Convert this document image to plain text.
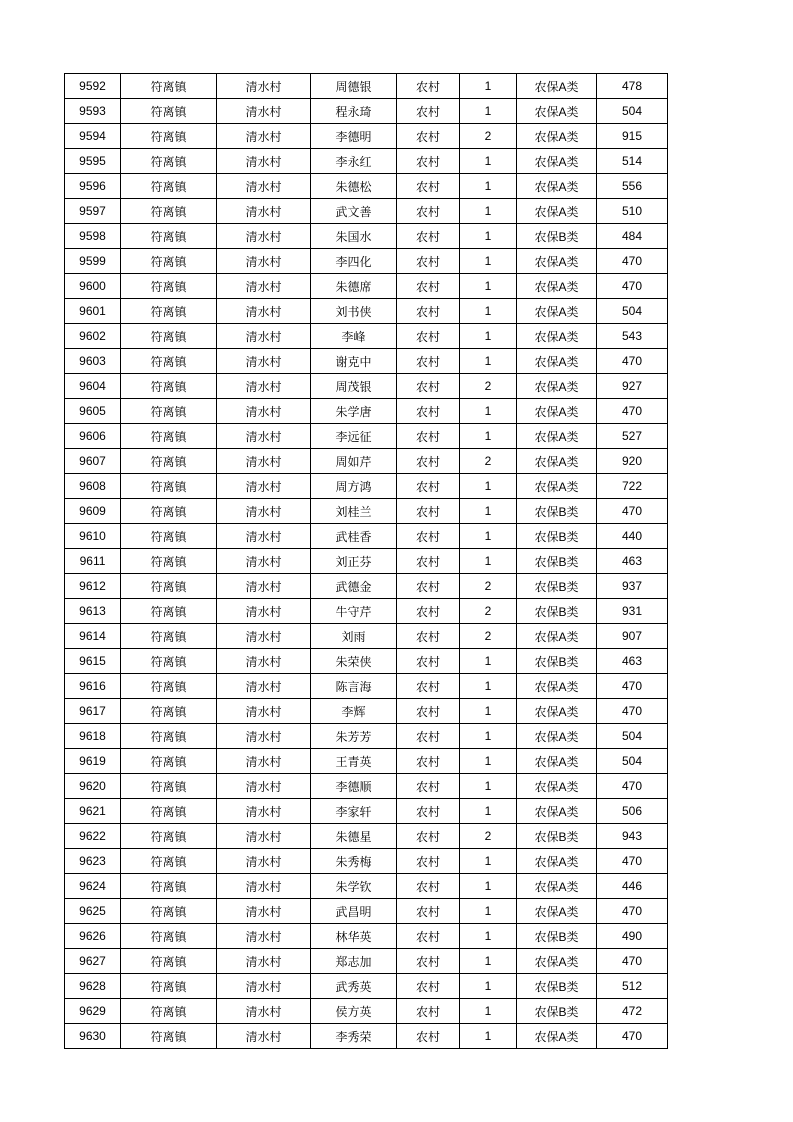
9592	符离镇	清水村	周德银	农村	1	农保A类	478
9593	符离镇	清水村	程永琦	农村	1	农保A类	504
9594	符离镇	清水村	李德明	农村	2	农保A类	915
9595	符离镇	清水村	李永红	农村	1	农保A类	514
9596	符离镇	清水村	朱德松	农村	1	农保A类	556
9597	符离镇	清水村	武文善	农村	1	农保A类	510
9598	符离镇	清水村	朱国水	农村	1	农保B类	484
9599	符离镇	清水村	李四化	农村	1	农保A类	470
9600	符离镇	清水村	朱德席	农村	1	农保A类	470
9601	符离镇	清水村	刘书侠	农村	1	农保A类	504
9602	符离镇	清水村	李峰	农村	1	农保A类	543
9603	符离镇	清水村	谢克中	农村	1	农保A类	470
9604	符离镇	清水村	周茂银	农村	2	农保A类	927
9605	符离镇	清水村	朱学唐	农村	1	农保A类	470
9606	符离镇	清水村	李远征	农村	1	农保A类	527
9607	符离镇	清水村	周如芹	农村	2	农保A类	920
9608	符离镇	清水村	周方鸿	农村	1	农保A类	722
9609	符离镇	清水村	刘桂兰	农村	1	农保B类	470
9610	符离镇	清水村	武桂香	农村	1	农保B类	440
9611	符离镇	清水村	刘正芬	农村	1	农保B类	463
9612	符离镇	清水村	武德金	农村	2	农保B类	937
9613	符离镇	清水村	牛守芹	农村	2	农保B类	931
9614	符离镇	清水村	刘雨	农村	2	农保A类	907
9615	符离镇	清水村	朱荣侠	农村	1	农保B类	463
9616	符离镇	清水村	陈言海	农村	1	农保A类	470
9617	符离镇	清水村	李辉	农村	1	农保A类	470
9618	符离镇	清水村	朱芳芳	农村	1	农保A类	504
9619	符离镇	清水村	王青英	农村	1	农保A类	504
9620	符离镇	清水村	李德顺	农村	1	农保A类	470
9621	符离镇	清水村	李家轩	农村	1	农保A类	506
9622	符离镇	清水村	朱德星	农村	2	农保B类	943
9623	符离镇	清水村	朱秀梅	农村	1	农保A类	470
9624	符离镇	清水村	朱学钦	农村	1	农保A类	446
9625	符离镇	清水村	武昌明	农村	1	农保A类	470
9626	符离镇	清水村	林华英	农村	1	农保B类	490
9627	符离镇	清水村	郑志加	农村	1	农保A类	470
9628	符离镇	清水村	武秀英	农村	1	农保B类	512
9629	符离镇	清水村	侯方英	农村	1	农保B类	472
9630	符离镇	清水村	李秀荣	农村	1	农保A类	470
